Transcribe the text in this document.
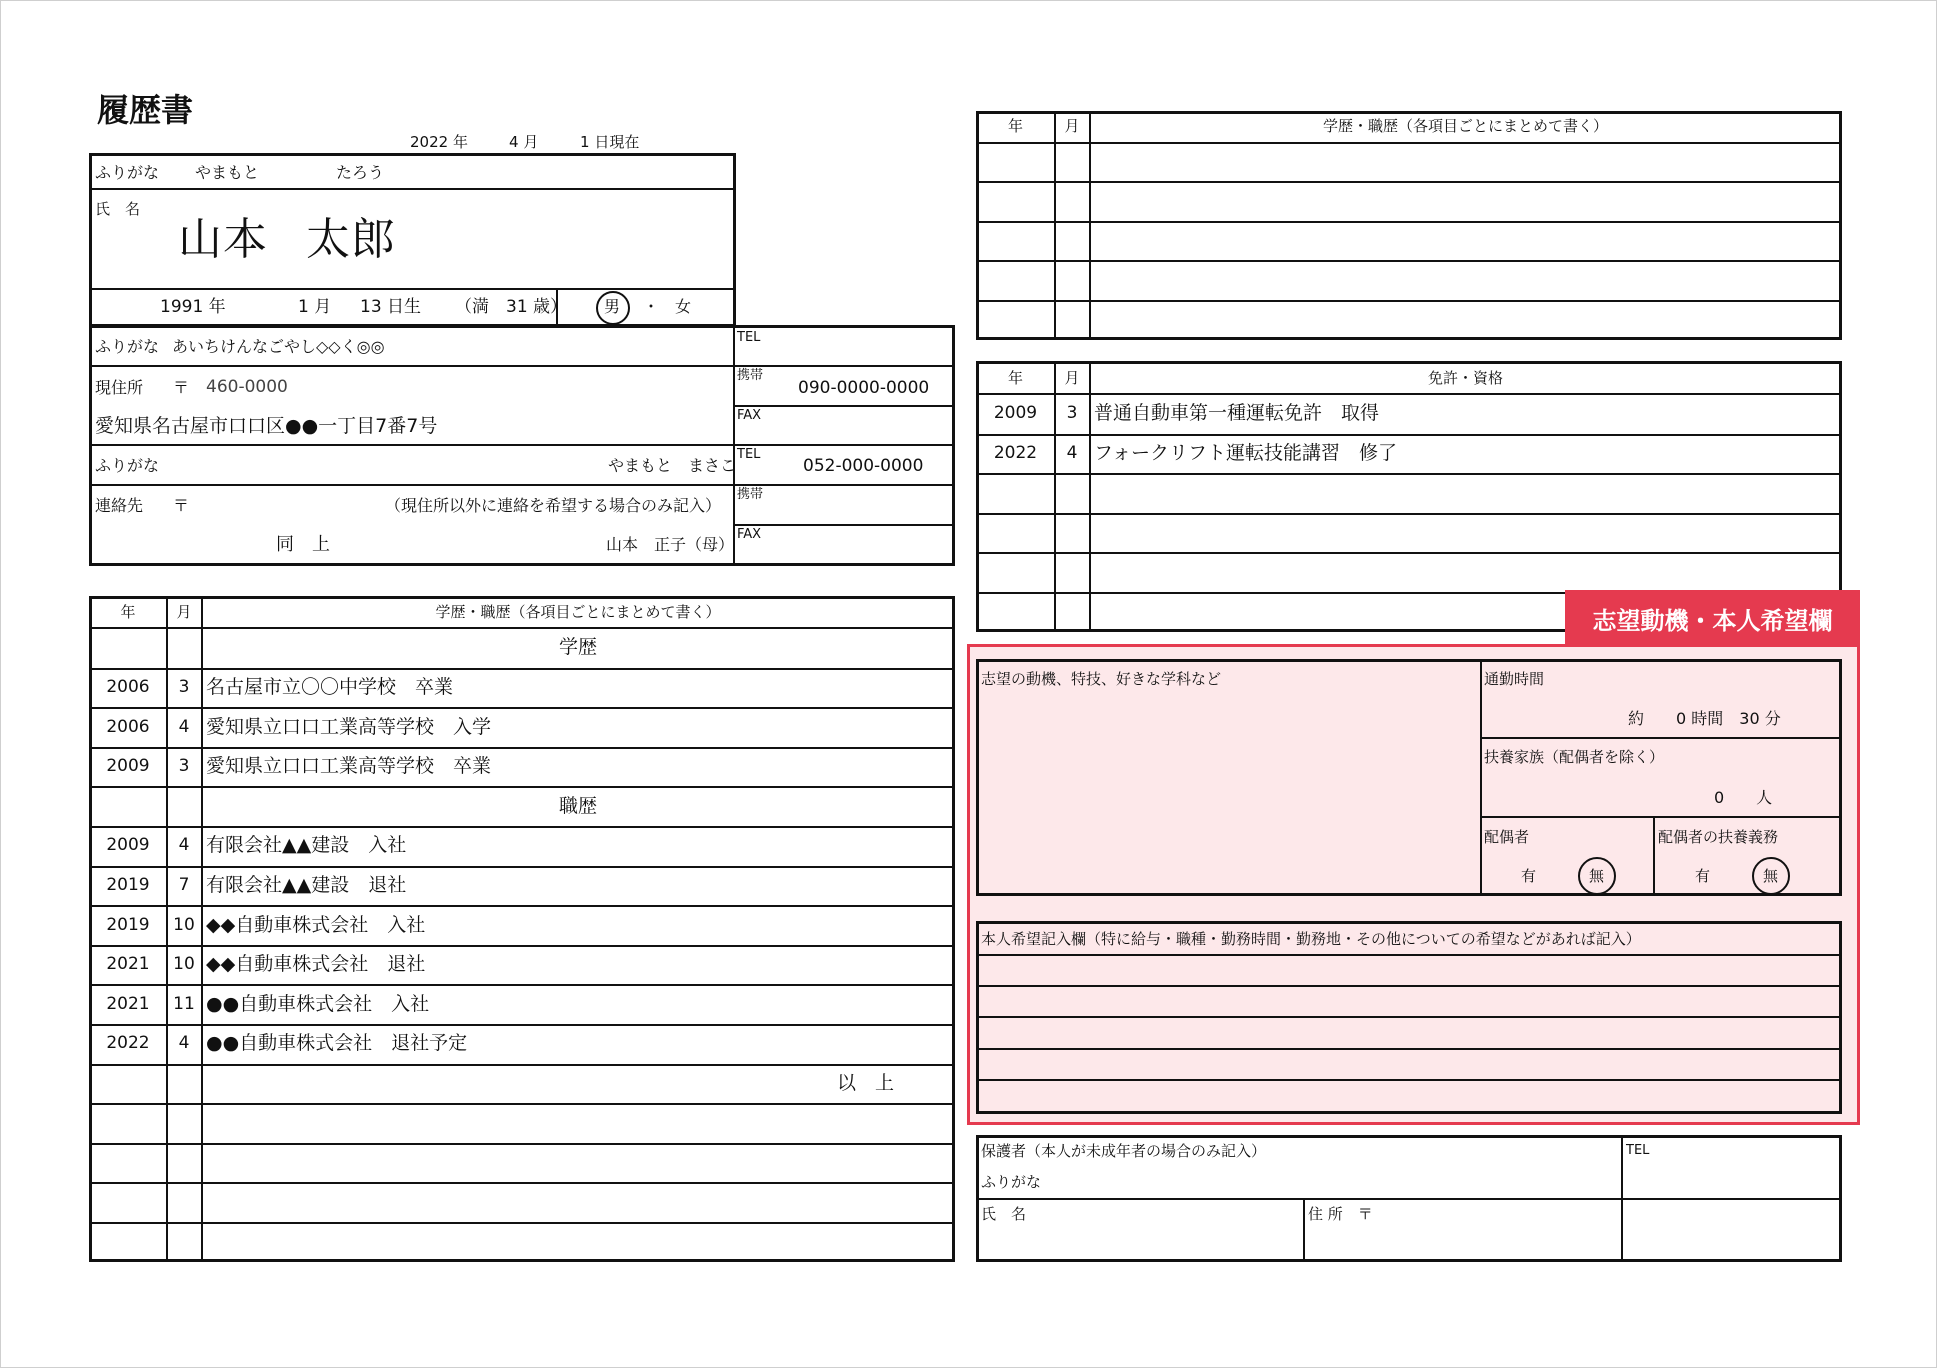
履歴書
2022 年	4 月	1 日現在
ふりがな やまもと	たろう
氏　名
山本 太郎
1991 年	1 月 13 日生 （満　31 歳） 男 ・ 女
ふりがな あいちけんなごやし◇◇く◎◎
現住所 〒 460-0000
愛知県名古屋市口口区●●一丁目7番7号
TEL
携帯
090-0000-0000
FAX
ふりがな	やまもと　まさこ
連絡先 〒	（現住所以外に連絡を希望する場合のみ記入）
同　上	山本　正子（母）
TEL
052-000-0000
携帯
FAX
年	月	学歴・職歴（各項目ごとにまとめて書く）
学歴
2006	3 名古屋市立〇〇中学校　卒業
2006	4 愛知県立口口工業高等学校　入学
2009	3 愛知県立口口工業高等学校　卒業
職歴
2009	4 有限会社▲▲建設　入社
2019	7 有限会社▲▲建設　退社
2019	10 ◆◆自動車株式会社　入社
2021	10 ◆◆自動車株式会社　退社
2021	11 ●●自動車株式会社　入社
2022	4 ●●自動車株式会社　退社予定
以　上
年	月	学歴・職歴（各項目ごとにまとめて書く）
年	月	免許・資格
2009	3 普通自動車第一種運転免許　取得
2022	4 フォークリフト運転技能講習　修了
志望動機・本人希望欄
志望の動機、特技、好きな学科など	通勤時間
約　　0 時間　30 分
扶養家族（配偶者を除く）
0　　人
配偶者
有	無
配偶者の扶養義務
有	無
本人希望記入欄（特に給与・職種・勤務時間・勤務地・その他についての希望などがあれば記入）
保護者（本人が未成年者の場合のみ記入）
ふりがな
氏　名	住 所　〒
TEL
